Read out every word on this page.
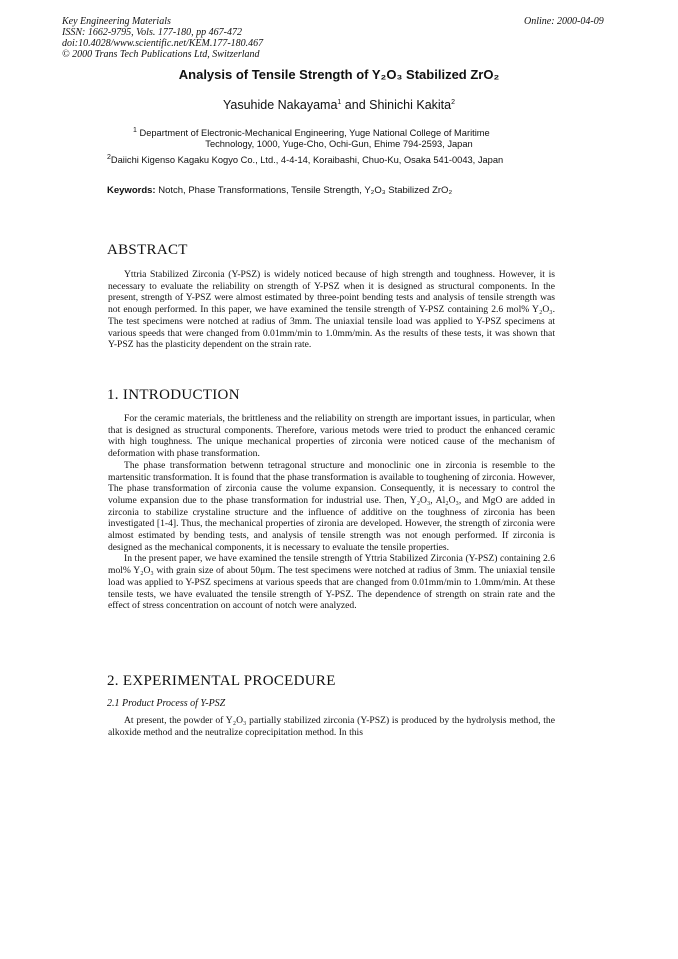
Key Engineering Materials
ISSN: 1662-9795, Vols. 177-180, pp 467-472
doi:10.4028/www.scientific.net/KEM.177-180.467
© 2000 Trans Tech Publications Ltd, Switzerland
Online: 2000-04-09
Analysis of Tensile Strength of Y₂O₃ Stabilized ZrO₂
Yasuhide Nakayama$^1$ and Shinichi Kakita$^2$
$^1$ Department of Electronic-Mechanical Engineering, Yuge National College of Maritime
Technology, 1000, Yuge-Cho, Ochi-Gun, Ehime 794-2593, Japan
$^2$Daiichi Kigenso Kagaku Kogyo Co., Ltd., 4-4-14, Koraibashi, Chuo-Ku, Osaka 541-0043, Japan
Keywords: Notch, Phase Transformations, Tensile Strength, Y₂O₃ Stabilized ZrO₂
ABSTRACT

Yttria Stabilized Zirconia (Y-PSZ) is widely noticed because of high strength and toughness. However, it is necessary to evaluate the reliability on strength of Y-PSZ when it is designed as structural components. In the present, strength of Y-PSZ were almost estimated by three-point bending tests and analysis of tensile strength was not enough performed. In this paper, we have examined the tensile strength of Y-PSZ containing 2.6 mol% Y₂O₃. The test specimens were notched at radius of 3mm. The uniaxial tensile load was applied to Y-PSZ specimens at various speeds that were changed from 0.01mm/min to 1.0mm/min. As the results of these tests, it was shown that Y-PSZ has the plasticity dependent on the strain rate.

1. INTRODUCTION

For the ceramic materials, the brittleness and the reliability on strength are important issues, in particular, when that is designed as structural components. Therefore, various metods were tried to product the enhanced ceramic with high toughness. The unique mechanical properties of zirconia were noticed cause of the mechanism of deformation with phase transformation.

The phase transformation betwenn tetragonal structure and monoclinic one in zirconia is resemble to the martensitic transformation. It is found that the phase transformation is available to toughening of zirconia. However, The phase transformation of zirconia cause the volume expansion. Consequently, it is necessary to control the volume expansion due to the phase transformation for industrial use. Then, Y₂O₃, Al₂O₃, and MgO are added in zirconia to stabilize crystaline structure and the influence of additive on the toughness of zirconia has been investigated [1-4]. Thus, the mechanical properties of zironia are developed. However, the strength of zirconia were almost estimated by bending tests, and analysis of tensile strength was not enough performed. If zirconia is designed as the mechanical components, it is necessary to evaluate the tensile properties.

In the present paper, we have examined the tensile strength of Yttria Stabilized Zirconia (Y-PSZ) containing 2.6 mol% Y₂O₃ with grain size of about 50μm. The test specimens were notched at radius of 3mm. The uniaxial tensile load was applied to Y-PSZ specimens at various speeds that are changed from 0.01mm/min to 1.0mm/min. At these tensile tests, we have evaluated the tensile strength of Y-PSZ. The dependence of strength on strain rate and the effect of stress concentration on account of notch were analyzed.

2. EXPERIMENTAL PROCEDURE
2.1 Product Process of Y-PSZ

At present, the powder of Y₂O₃ partially stabilized zirconia (Y-PSZ) is produced by the hydrolysis method, the alkoxide method and the neutralize coprecipitation method. In this
